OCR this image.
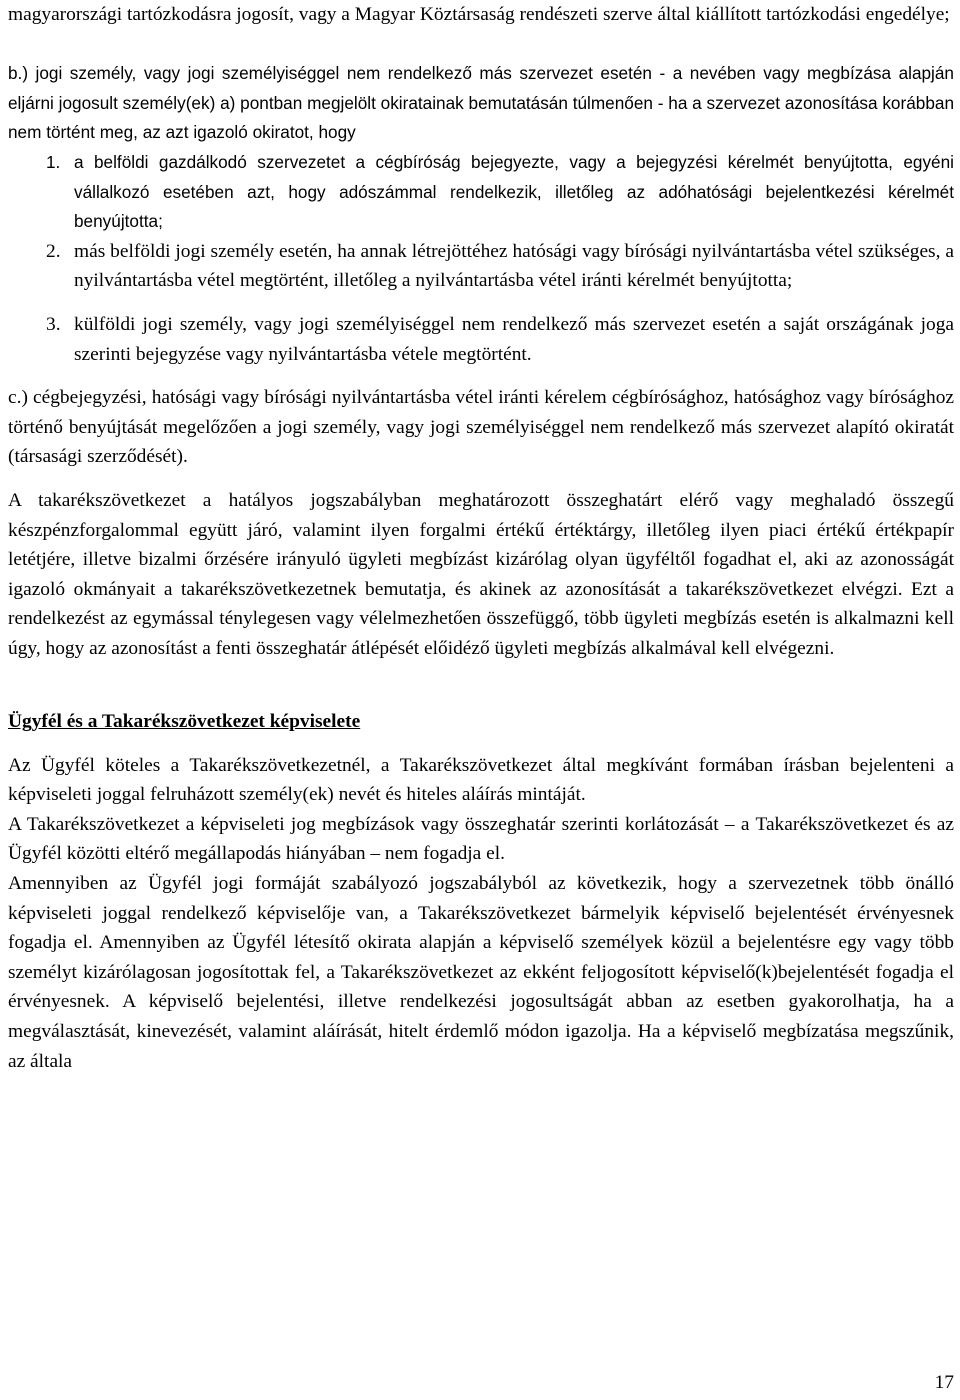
magyarországi tartózkodásra jogosít, vagy a Magyar Köztársaság rendészeti szerve által kiállított tartózkodási engedélye;

b.) jogi személy, vagy jogi személyiséggel nem rendelkező más szervezet esetén - a nevében vagy megbízása alapján eljárni jogosult személy(ek) a) pontban megjelölt okiratainak bemutatásán túlmenően - ha a szervezet azonosítása korábban nem történt meg, az azt igazoló okiratot, hogy

1. a belföldi gazdálkodó szervezetet a cégbíróság bejegyezte, vagy a bejegyzési kérelmét benyújtotta, egyéni vállalkozó esetében azt, hogy adószámmal rendelkezik, illetőleg az adóhatósági bejelentkezési kérelmét benyújtotta;
2. más belföldi jogi személy esetén, ha annak létrejöttéhez hatósági vagy bírósági nyilvántartásba vétel szükséges, a nyilvántartásba vétel megtörtént, illetőleg a nyilvántartásba vétel iránti kérelmét benyújtotta;
3. külföldi jogi személy, vagy jogi személyiséggel nem rendelkező más szervezet esetén a saját országának joga szerinti bejegyzése vagy nyilvántartásba vétele megtörtént.

c.) cégbejegyzési, hatósági vagy bírósági nyilvántartásba vétel iránti kérelem cégbírósághoz, hatósághoz vagy bírósághoz történő benyújtását megelőzően a jogi személy, vagy jogi személyiséggel nem rendelkező más szervezet alapító okiratát (társasági szerződését).

A takarékszövetkezet a hatályos jogszabályban meghatározott összeghatárt elérő vagy meghaladó összegű készpénzforgalommal együtt járó, valamint ilyen forgalmi értékű értéktárgy, illetőleg ilyen piaci értékű értékpapír letétjére, illetve bizalmi őrzésére irányuló ügyleti megbízást kizárólag olyan ügyféltől fogadhat el, aki az azonosságát igazoló okmányait a takarékszövetkezetnek bemutatja, és akinek az azonosítását a takarékszövetkezet elvégzi. Ezt a rendelkezést az egymással ténylegesen vagy vélelmezhetően összefüggő, több ügyleti megbízás esetén is alkalmazni kell úgy, hogy az azonosítást a fenti összeghatár átlépését előidéző ügyleti megbízás alkalmával kell elvégezni.

Ügyfél és a Takarékszövetkezet képviselete

Az Ügyfél köteles a Takarékszövetkezetnél, a Takarékszövetkezet által megkívánt formában írásban bejelenteni a képviseleti joggal felruházott személy(ek) nevét és hiteles aláírás mintáját.

A Takarékszövetkezet a képviseleti jog megbízások vagy összeghatár szerinti korlátozását – a Takarékszövetkezet és az Ügyfél közötti eltérő megállapodás hiányában – nem fogadja el.

Amennyiben az Ügyfél jogi formáját szabályozó jogszabályból az következik, hogy a szervezetnek több önálló képviseleti joggal rendelkező képviselője van, a Takarékszövetkezet bármelyik képviselő bejelentését érvényesnek fogadja el. Amennyiben az Ügyfél létesítő okirata alapján a képviselő személyek közül a bejelentésre egy vagy több személyt kizárólagosan jogosítottak fel, a Takarékszövetkezet az ekként feljogosított képviselő(k)bejelentését fogadja el érvényesnek. A képviselő bejelentési, illetve rendelkezési jogosultságát abban az esetben gyakorolhatja, ha a megválasztását, kinevezését, valamint aláírását, hitelt érdemlő módon igazolja. Ha a képviselő megbízatása megszűnik, az általa

17
